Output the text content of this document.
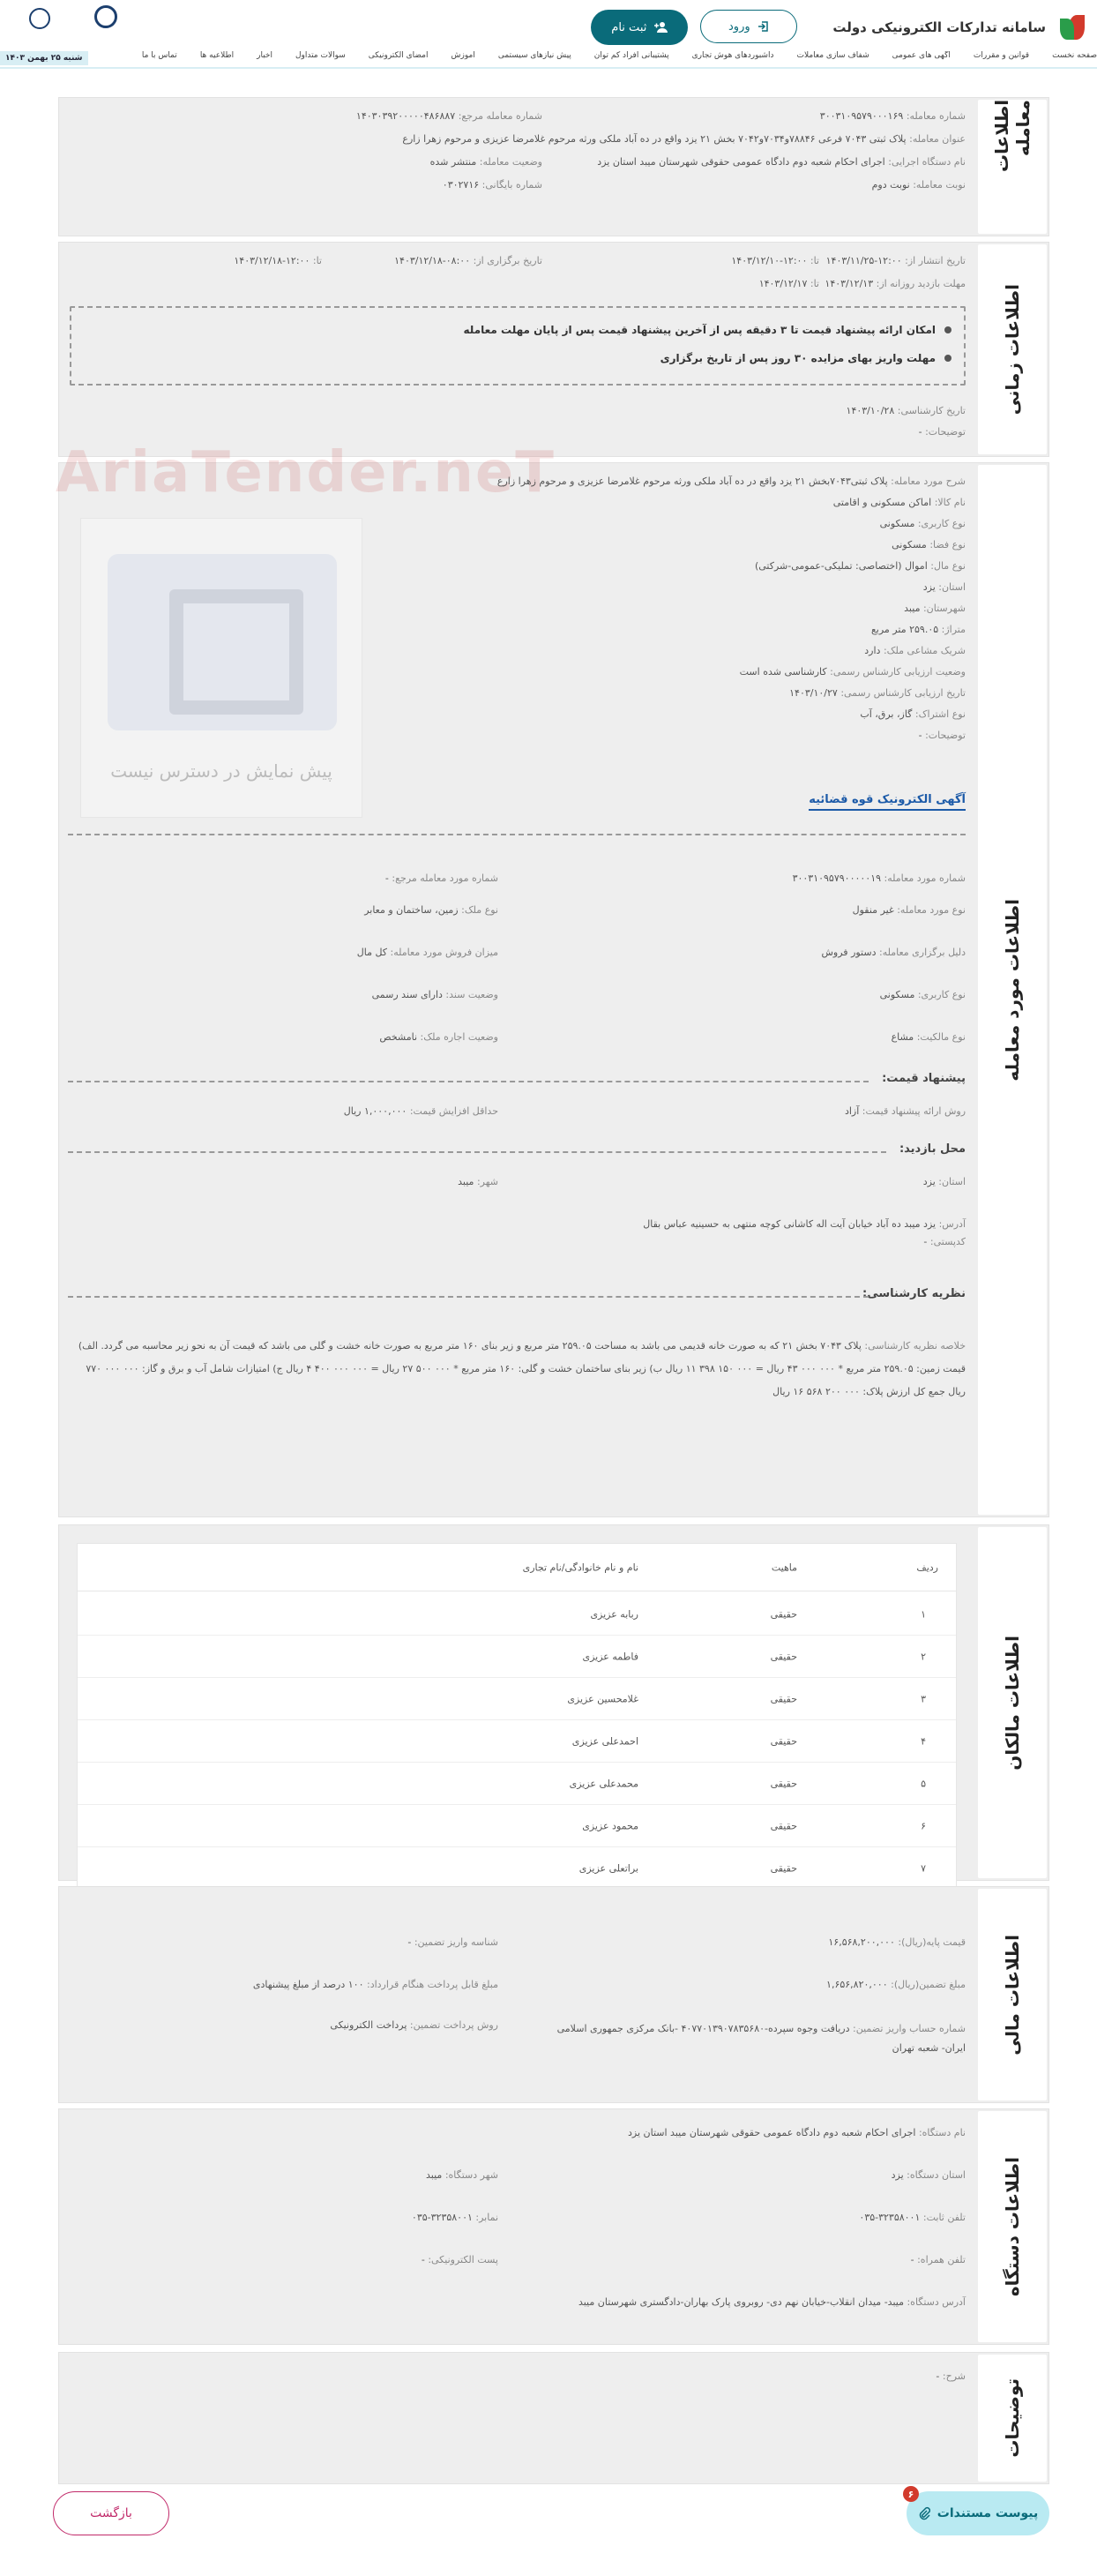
سامانه تدارکات الکترونیکی دولت
ورود
ثبت نام
صفحه نخست
قوانین و مقررات
آگهی های عمومی
شفاف سازی معاملات
داشبوردهای هوش تجاری
پشتیبانی افراد کم توان
پیش نیازهای سیستمی
آموزش
امضای الکترونیکی
سوالات متداول
اخبار
اطلاعیه ها
تماس با ما
شنبه ۲۵ بهمن ۱۴۰۳
اطلاعات معامله
شماره معامله:

۳۰۰۳۱۰۹۵۷۹۰۰۰۱۶۹
شماره معامله مرجع:

۱۴۰۳۰۳۹۲۰۰۰۰۰۴۸۶۸۸۷
عنوان معامله:

پلاک ثبتی ۷۰۴۳ فرعی ۷۸۸۴۶و۷۰۳۴و۷۰۴۲ بخش ۲۱ یزد واقع در ده آباد ملکی ورثه مرحوم غلامرضا عزیزی و مرحوم زهرا زارع
نام دستگاه اجرایی:

اجرای احکام شعبه دوم دادگاه عمومی حقوقی شهرستان میبد استان یزد
وضعیت معامله:

منتشر شده
نوبت معامله:

نوبت دوم
شماره بایگانی:

۰۳۰۲۷۱۶
اطلاعات زمانی
تاریخ انتشار از:

۱۴۰۳/۱۱/۲۵-۱۲:۰۰
تا:

۱۴۰۳/۱۲/۱۰-۱۲:۰۰
تاریخ برگزاری از:

۱۴۰۳/۱۲/۱۸-۰۸:۰۰
تا:

۱۴۰۳/۱۲/۱۸-۱۲:۰۰
مهلت بازدید روزانه از:

۱۴۰۳/۱۲/۱۳
تا:

۱۴۰۳/۱۲/۱۷
امکان ارائه پیشنهاد قیمت تا ۳ دقیقه پس از آخرین پیشنهاد قیمت پس از پایان مهلت معامله
مهلت واریز بهای مزایده ۳۰ روز پس از تاریخ برگزاری
تاریخ کارشناسی:

۱۴۰۳/۱۰/۲۸
توضیحات:

-
اطلاعات مورد معامله
پیش نمایش در دسترس نیست
AriaTender.neT	شرح مورد معامله:

پلاک ثبتی۷۰۴۳بخش ۲۱ یزد واقع در ده آباد ملکی ورثه مرحوم غلامرضا عزیزی و مرحوم زهرا زارع
نام کالا:

اماکن مسکونی و اقامتی
نوع کاربری:

مسکونی
نوع فضا:

مسکونی
نوع مال:

اموال (اختصاصی: تملیکی-عمومی-شرکتی)
استان:

یزد
شهرستان:

میبد
متراژ:

۲۵۹.۰۵ متر مربع
شریک مشاعی ملک:

دارد
وضعیت ارزیابی کارشناس رسمی:

کارشناسی شده است
تاریخ ارزیابی کارشناس رسمی:

۱۴۰۳/۱۰/۲۷
نوع اشتراک:

گاز، برق، آب
توضیحات:

-
آگهی الکترونیک قوه قضائیه
شماره مورد معامله:

۳۰۰۳۱۰۹۵۷۹۰۰۰۰۰۱۹
شماره مورد معامله مرجع:

-
نوع مورد معامله:

غیر منقول
نوع ملک:

زمین، ساختمان و معابر
دلیل برگزاری معامله:

دستور فروش
میزان فروش مورد معامله:

کل مال
نوع کاربری:

مسکونی
وضعیت سند:

دارای سند رسمی
نوع مالکیت:

مشاع
وضعیت اجاره ملک:

نامشخص
پیشنهاد قیمت:
روش ارائه پیشنهاد قیمت:

آزاد
حداقل افزایش قیمت:

۱,۰۰۰,۰۰۰ ریال
محل بازدید:
استان:

یزد
شهر:

میبد
آدرس:

یزد میبد ده آباد خیابان آیت اله کاشانی کوچه منتهی به حسینیه عباس بقال
کدپستی:

-
نظریه کارشناسی:
خلاصه نظریه کارشناسی: پلاک ۷۰۴۳ بخش ۲۱ که به صورت خانه قدیمی می باشد به مساحت ۲۵۹.۰۵ متر مربع و زیر بنای ۱۶۰ متر مربع به صورت خانه خشت و گلی می باشد که قیمت آن به نحو زیر محاسبه می گردد. الف) قیمت زمین: ۲۵۹.۰۵ متر مربع * ۰۰۰ ۰۰۰ ۴۳ ریال = ۰۰۰ ۱۵۰ ۳۹۸ ۱۱ ریال ب) زیر بنای ساختمان خشت و گلی: ۱۶۰ متر مربع * ۰۰۰ ۵۰۰ ۲۷ ریال = ۰۰۰ ۰۰۰ ۴۰۰ ۴ ریال ج) امتیازات شامل آب و برق و گاز: ۰۰۰ ۰۰۰ ۷۷۰ ریال جمع کل ارزش پلاک: ۰۰۰ ۲۰۰ ۵۶۸ ۱۶ ریال
اطلاعات مالکان
ردیف
ماهیت
نام و نام خانوادگی/نام تجاری
۱
حقیقی
ربابه عزیزی
۲
حقیقی
فاطمه عزیزی
۳
حقیقی
غلامحسین عزیزی
۴
حقیقی
احمدعلی عزیزی
۵
حقیقی
محمدعلی عزیزی
۶
حقیقی
محمود عزیزی
۷
حقیقی
براتعلی عزیزی
اطلاعات مالی
قیمت پایه(ریال):

۱۶,۵۶۸,۲۰۰,۰۰۰
شناسه واریز تضمین:

-
مبلغ تضمین(ریال):

۱,۶۵۶,۸۲۰,۰۰۰
مبلغ قابل پرداخت هنگام قرارداد:

۱۰۰ درصد از مبلغ پیشنهادی
شماره حساب واریز تضمین: دریافت وجوه سپرده-۴۰۷۷۰۱۳۹۰۷۸۳۵۶۸۰ -بانک مرکزی جمهوری اسلامی ایران- شعبه تهران
روش پرداخت تضمین:

پرداخت الکترونیکی
اطلاعات دستگاه
نام دستگاه:

اجرای احکام شعبه دوم دادگاه عمومی حقوقی شهرستان میبد استان یزد
استان دستگاه:

یزد
شهر دستگاه:

میبد
تلفن ثابت:

۰۳۵-۳۲۳۵۸۰۰۱
نمابر:

۰۳۵-۳۲۳۵۸۰۰۱
تلفن همراه:

-
پست الکترونیکی:

-
آدرس دستگاه:

میبد- میدان انقلاب-خیابان نهم دی- روبروی پارک بهاران-دادگستری شهرستان میبد
توضیحات
شرح:

-
بازگشت	پیوست مستندات
۶
